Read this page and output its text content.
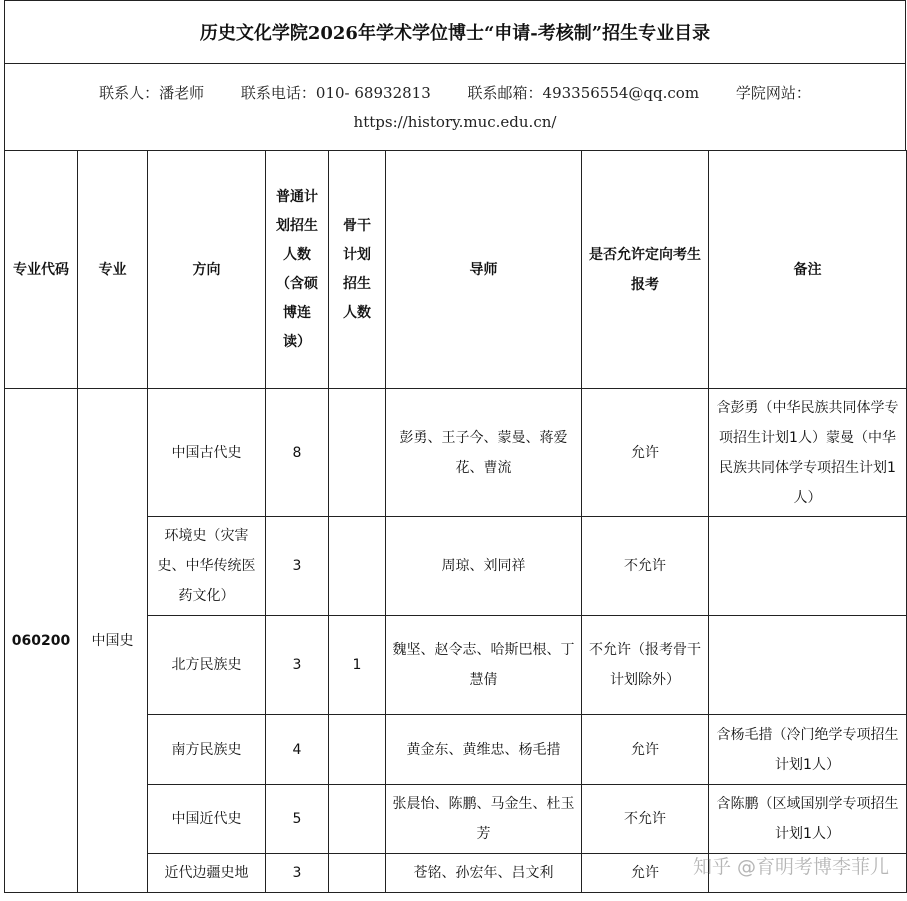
历史文化学院2026年学术学位博士“申请-考核制”招生专业目录
联系人：潘老师 联系电话：010- 68932813 联系邮箱：493356554@qq.com 学院网站：
https://history.muc.edu.cn/
专业代码	专业	方向	普通计划招生人数（含硕博连读）	骨干计划招生人数	导师	是否允许定向考生报考	备注
060200	中国史	中国古代史	8		彭勇、王子今、蒙曼、蒋爱花、曹流	允许	含彭勇（中华民族共同体学专项招生计划1人）蒙曼（中华民族共同体学专项招生计划1人）
		环境史（灾害史、中华传统医药文化）	3		周琼、刘同祥	不允许	
		北方民族史	3	1	魏坚、赵令志、哈斯巴根、丁慧倩	不允许（报考骨干计划除外）	
		南方民族史	4		黄金东、黄维忠、杨毛措	允许	含杨毛措（冷门绝学专项招生计划1人）
		中国近代史	5		张晨怡、陈鹏、马金生、杜玉芳	不允许	含陈鹏（区域国别学专项招生计划1人）
		近代边疆史地	3		苍铭、孙宏年、吕文利	允许	知乎 @育明考博李菲儿
